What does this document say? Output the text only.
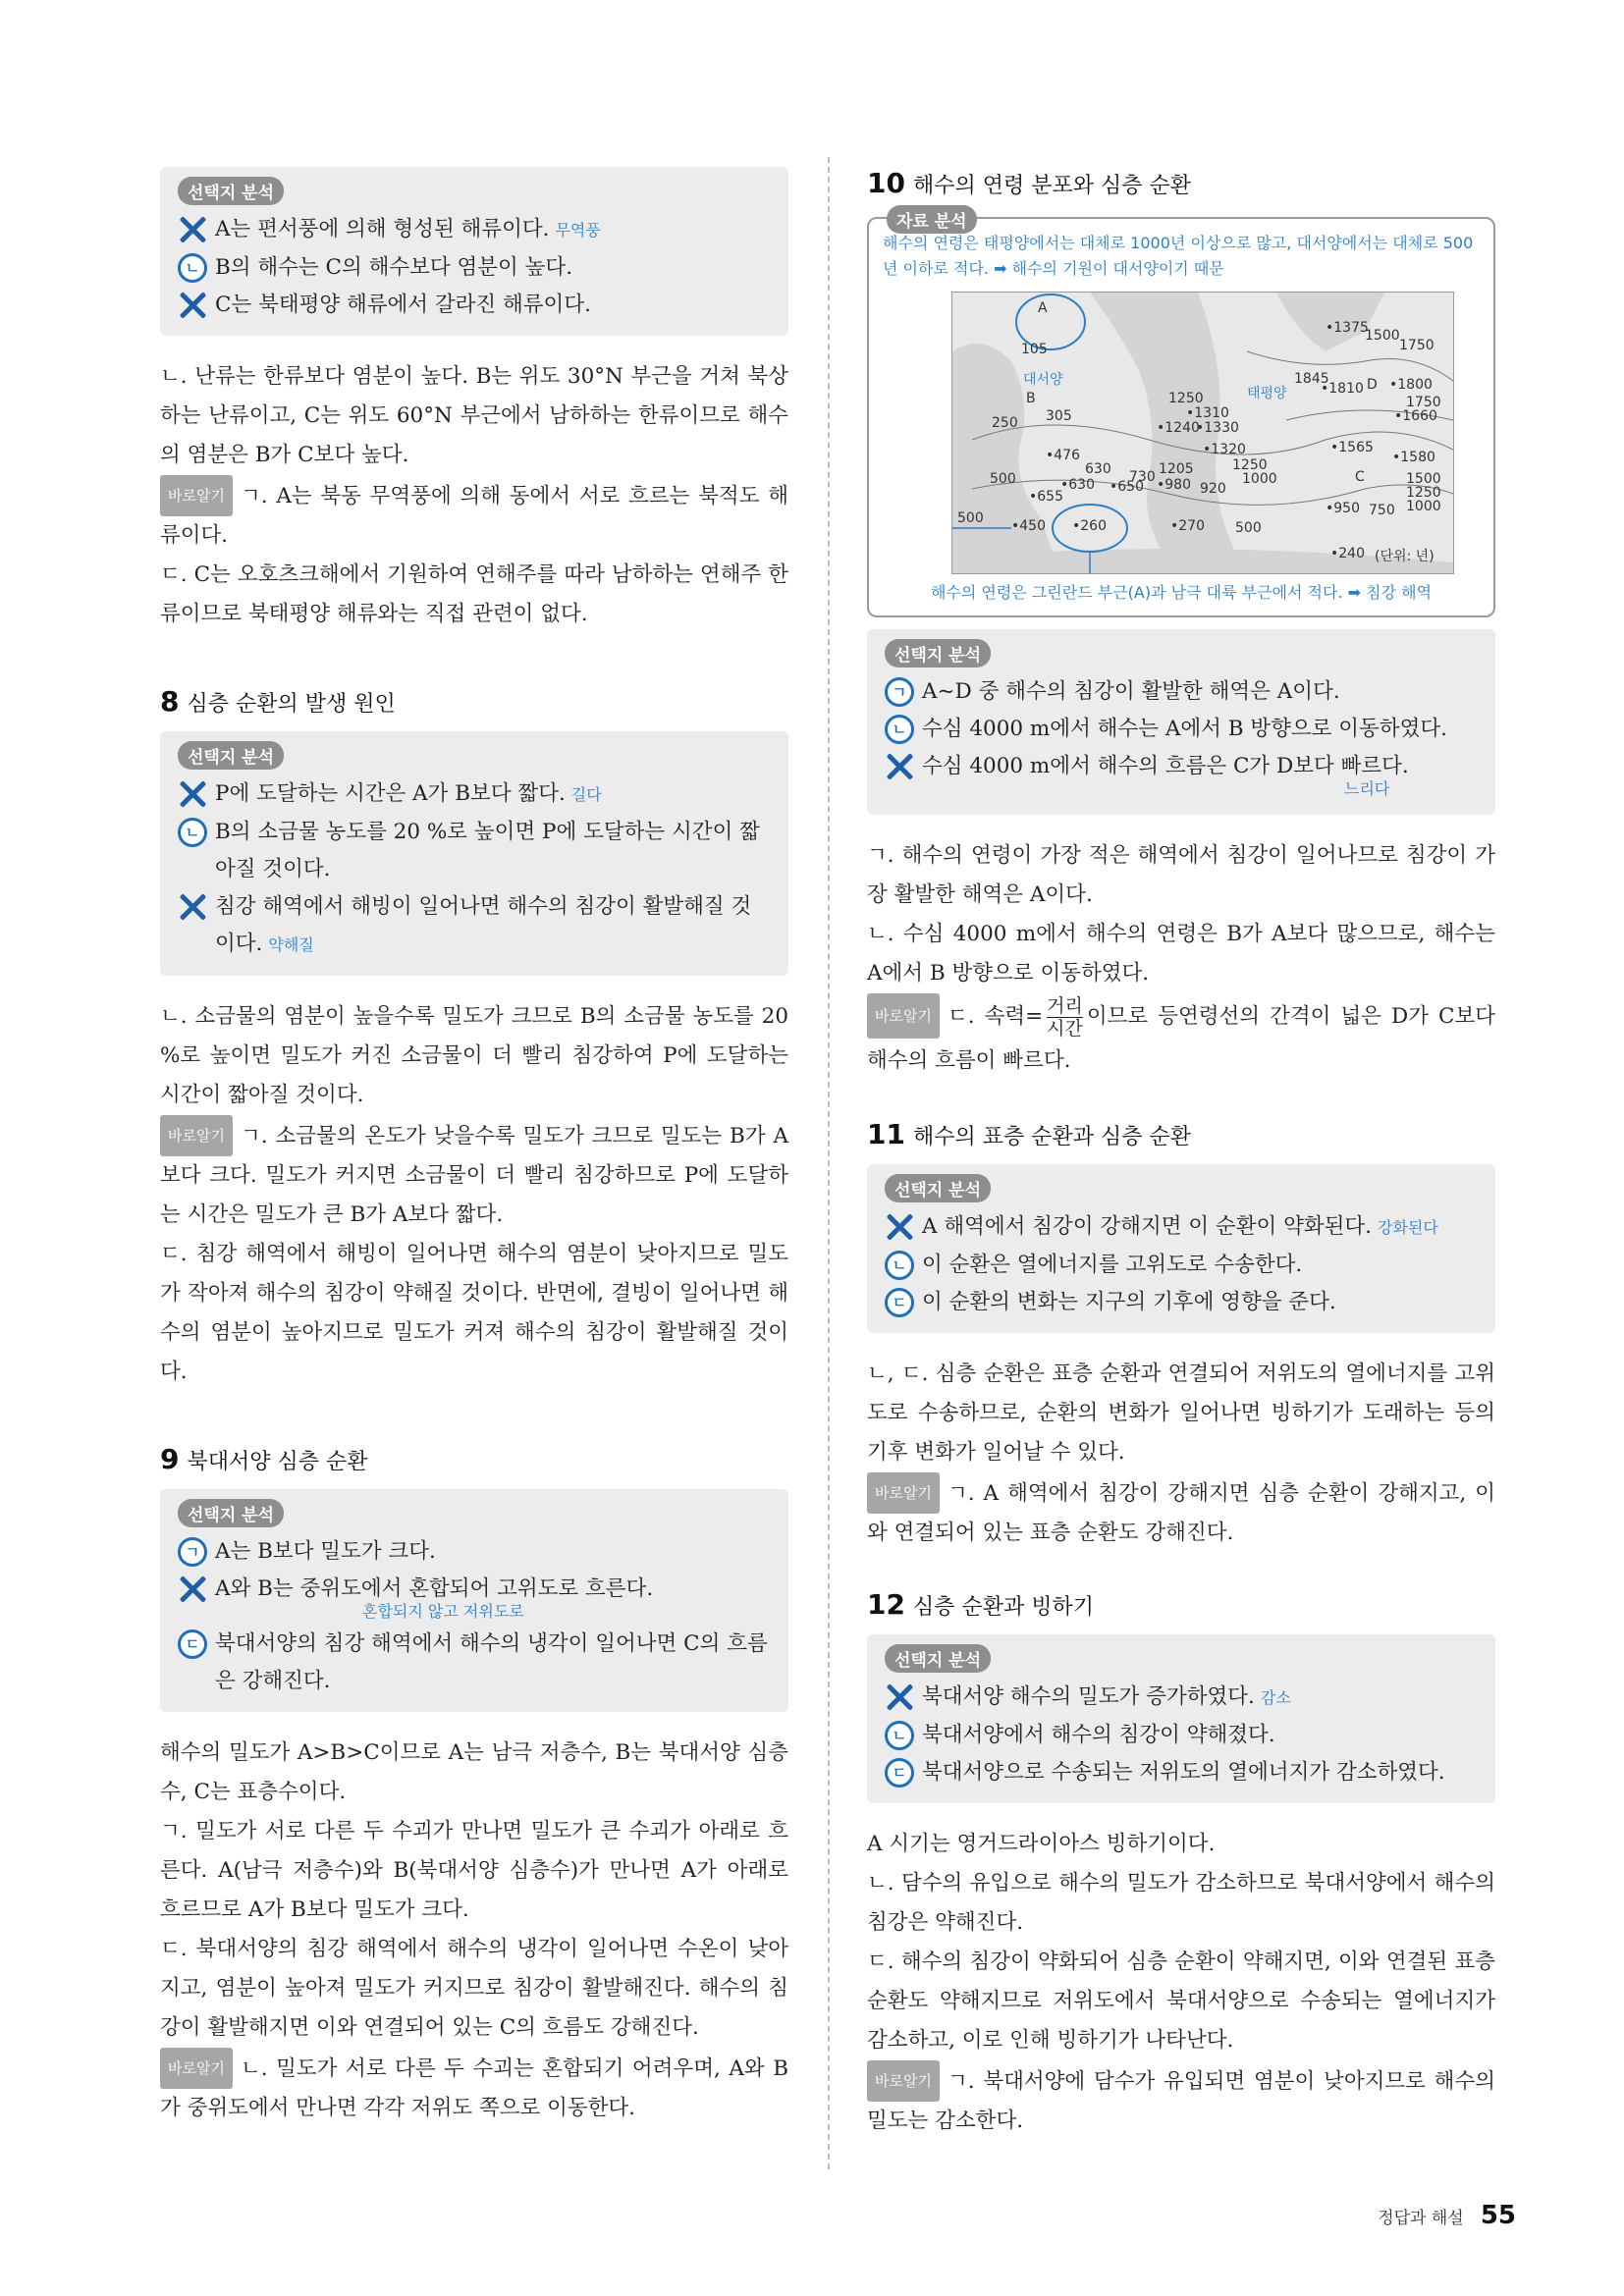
선택지 분석
A는 편서풍에 의해 형성된 해류이다. 무역풍
ㄴ B의 해수는 C의 해수보다 염분이 높다.
C는 북태평양 해류에서 갈라진 해류이다.

ㄴ. 난류는 한류보다 염분이 높다. B는 위도 30°N 부근을 거쳐 북상하는 난류이고, C는 위도 60°N 부근에서 남하하는 한류이므로 해수의 염분은 B가 C보다 높다.

바로알기 ㄱ. A는 북동 무역풍에 의해 동에서 서로 흐르는 북적도 해류이다.

ㄷ. C는 오호츠크해에서 기원하여 연해주를 따라 남하하는 연해주 한류이므로 북태평양 해류와는 직접 관련이 없다.

8 심층 순환의 발생 원인
선택지 분석
P에 도달하는 시간은 A가 B보다 짧다. 길다
ㄴ B의 소금물 농도를 20 %로 높이면 P에 도달하는 시간이 짧아질 것이다.
침강 해역에서 해빙이 일어나면 해수의 침강이 활발해질 것이다. 약해질

ㄴ. 소금물의 염분이 높을수록 밀도가 크므로 B의 소금물 농도를 20 %로 높이면 밀도가 커진 소금물이 더 빨리 침강하여 P에 도달하는 시간이 짧아질 것이다.

바로알기 ㄱ. 소금물의 온도가 낮을수록 밀도가 크므로 밀도는 B가 A보다 크다. 밀도가 커지면 소금물이 더 빨리 침강하므로 P에 도달하는 시간은 밀도가 큰 B가 A보다 짧다.

ㄷ. 침강 해역에서 해빙이 일어나면 해수의 염분이 낮아지므로 밀도가 작아져 해수의 침강이 약해질 것이다. 반면에, 결빙이 일어나면 해수의 염분이 높아지므로 밀도가 커져 해수의 침강이 활발해질 것이다.

9 북대서양 심층 순환
선택지 분석
ㄱ A는 B보다 밀도가 크다.
A와 B는 중위도에서 혼합되어 고위도로 흐른다.
혼합되지 않고 저위도로
ㄷ 북대서양의 침강 해역에서 해수의 냉각이 일어나면 C의 흐름은 강해진다.

해수의 밀도가 A>B>C이므로 A는 남극 저층수, B는 북대서양 심층수, C는 표층수이다.

ㄱ. 밀도가 서로 다른 두 수괴가 만나면 밀도가 큰 수괴가 아래로 흐른다. A(남극 저층수)와 B(북대서양 심층수)가 만나면 A가 아래로 흐르므로 A가 B보다 밀도가 크다.

ㄷ. 북대서양의 침강 해역에서 해수의 냉각이 일어나면 수온이 낮아지고, 염분이 높아져 밀도가 커지므로 침강이 활발해진다. 해수의 침강이 활발해지면 이와 연결되어 있는 C의 흐름도 강해진다.

바로알기 ㄴ. 밀도가 서로 다른 두 수괴는 혼합되기 어려우며, A와 B가 중위도에서 만나면 각각 저위도 쪽으로 이동한다.

10 해수의 연령 분포와 심층 순환
자료 분석
해수의 연령은 태평양에서는 대체로 1000년 이상으로 많고, 대서양에서는 대체로 500년 이하로 적다. ➡ 해수의 기원이 대서양이기 때문
A
105
대서양
B
305
250
•476
500
•655
500 •450 •260
630
•630 •650
730 1205
•980 920
•270 500
1250
•1310
•1240
•1330
•1320
1250
1000
태평양
•1375
1500
1750
1845
•1810 D •1800
1750
•1660
•1565
•1580
C	1500
1250
1000
•950 750
•240 (단위: 년)
해수의 연령은 그린란드 부근(A)과 남극 대륙 부근에서 적다. ➡ 침강 해역
선택지 분석
ㄱ A~D 중 해수의 침강이 활발한 해역은 A이다.
ㄴ 수심 4000 m에서 해수는 A에서 B 방향으로 이동하였다.
수심 4000 m에서 해수의 흐름은 C가 D보다 빠르다.
느리다

ㄱ. 해수의 연령이 가장 적은 해역에서 침강이 일어나므로 침강이 가장 활발한 해역은 A이다.

ㄴ. 수심 4000 m에서 해수의 연령은 B가 A보다 많으므로, 해수는 A에서 B 방향으로 이동하였다.

바로알기 ㄷ. 속력= $\frac{\text{거리}}{\text{시간}}$ 이므로 등연령선의 간격이 넓은 D가 C보다 해수의 흐름이 빠르다.

11 해수의 표층 순환과 심층 순환
선택지 분석
A 해역에서 침강이 강해지면 이 순환이 약화된다. 강화된다
ㄴ 이 순환은 열에너지를 고위도로 수송한다.
ㄷ 이 순환의 변화는 지구의 기후에 영향을 준다.

ㄴ, ㄷ. 심층 순환은 표층 순환과 연결되어 저위도의 열에너지를 고위도로 수송하므로, 순환의 변화가 일어나면 빙하기가 도래하는 등의 기후 변화가 일어날 수 있다.

바로알기 ㄱ. A 해역에서 침강이 강해지면 심층 순환이 강해지고, 이와 연결되어 있는 표층 순환도 강해진다.

12 심층 순환과 빙하기
선택지 분석
북대서양 해수의 밀도가 증가하였다. 감소
ㄴ 북대서양에서 해수의 침강이 약해졌다.
ㄷ 북대서양으로 수송되는 저위도의 열에너지가 감소하였다.

A 시기는 영거드라이아스 빙하기이다.

ㄴ. 담수의 유입으로 해수의 밀도가 감소하므로 북대서양에서 해수의 침강은 약해진다.

ㄷ. 해수의 침강이 약화되어 심층 순환이 약해지면, 이와 연결된 표층 순환도 약해지므로 저위도에서 북대서양으로 수송되는 열에너지가 감소하고, 이로 인해 빙하기가 나타난다.

바로알기 ㄱ. 북대서양에 담수가 유입되면 염분이 낮아지므로 해수의 밀도는 감소한다.

정답과 해설 55
